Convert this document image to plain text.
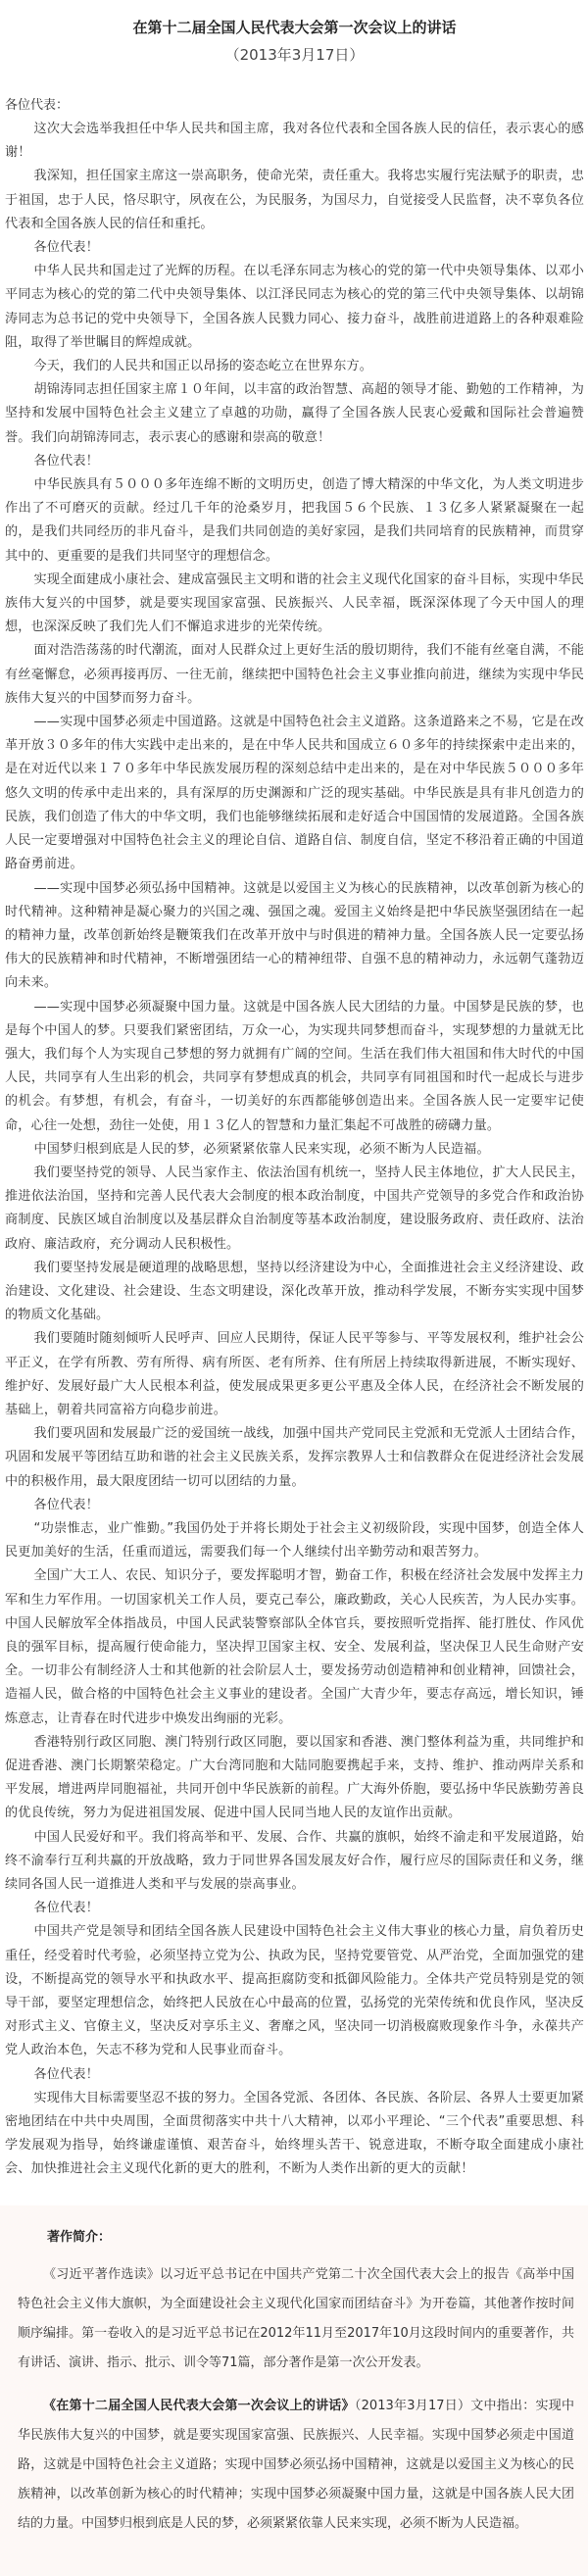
在第十二届全国人民代表大会第一次会议上的讲话

（2013年3月17日）

各位代表：

这次大会选举我担任中华人民共和国主席，我对各位代表和全国各族人民的信任，表示衷心的感谢！

我深知，担任国家主席这一崇高职务，使命光荣，责任重大。我将忠实履行宪法赋予的职责，忠于祖国，忠于人民，恪尽职守，夙夜在公，为民服务，为国尽力，自觉接受人民监督，决不辜负各位代表和全国各族人民的信任和重托。

各位代表！

中华人民共和国走过了光辉的历程。在以毛泽东同志为核心的党的第一代中央领导集体、以邓小平同志为核心的党的第二代中央领导集体、以江泽民同志为核心的党的第三代中央领导集体、以胡锦涛同志为总书记的党中央领导下，全国各族人民戮力同心、接力奋斗，战胜前进道路上的各种艰难险阻，取得了举世瞩目的辉煌成就。

今天，我们的人民共和国正以昂扬的姿态屹立在世界东方。

胡锦涛同志担任国家主席１０年间，以丰富的政治智慧、高超的领导才能、勤勉的工作精神，为坚持和发展中国特色社会主义建立了卓越的功勋，赢得了全国各族人民衷心爱戴和国际社会普遍赞誉。我们向胡锦涛同志，表示衷心的感谢和崇高的敬意！

各位代表！

中华民族具有５０００多年连绵不断的文明历史，创造了博大精深的中华文化，为人类文明进步作出了不可磨灭的贡献。经过几千年的沧桑岁月，把我国５６个民族、１３亿多人紧紧凝聚在一起的，是我们共同经历的非凡奋斗，是我们共同创造的美好家园，是我们共同培育的民族精神，而贯穿其中的、更重要的是我们共同坚守的理想信念。

实现全面建成小康社会、建成富强民主文明和谐的社会主义现代化国家的奋斗目标，实现中华民族伟大复兴的中国梦，就是要实现国家富强、民族振兴、人民幸福，既深深体现了今天中国人的理想，也深深反映了我们先人们不懈追求进步的光荣传统。

面对浩浩荡荡的时代潮流，面对人民群众过上更好生活的殷切期待，我们不能有丝毫自满，不能有丝毫懈怠，必须再接再厉、一往无前，继续把中国特色社会主义事业推向前进，继续为实现中华民族伟大复兴的中国梦而努力奋斗。

——实现中国梦必须走中国道路。这就是中国特色社会主义道路。这条道路来之不易，它是在改革开放３０多年的伟大实践中走出来的，是在中华人民共和国成立６０多年的持续探索中走出来的，是在对近代以来１７０多年中华民族发展历程的深刻总结中走出来的，是在对中华民族５０００多年悠久文明的传承中走出来的，具有深厚的历史渊源和广泛的现实基础。中华民族是具有非凡创造力的民族，我们创造了伟大的中华文明，我们也能够继续拓展和走好适合中国国情的发展道路。全国各族人民一定要增强对中国特色社会主义的理论自信、道路自信、制度自信，坚定不移沿着正确的中国道路奋勇前进。

——实现中国梦必须弘扬中国精神。这就是以爱国主义为核心的民族精神，以改革创新为核心的时代精神。这种精神是凝心聚力的兴国之魂、强国之魂。爱国主义始终是把中华民族坚强团结在一起的精神力量，改革创新始终是鞭策我们在改革开放中与时俱进的精神力量。全国各族人民一定要弘扬伟大的民族精神和时代精神，不断增强团结一心的精神纽带、自强不息的精神动力，永远朝气蓬勃迈向未来。

——实现中国梦必须凝聚中国力量。这就是中国各族人民大团结的力量。中国梦是民族的梦，也是每个中国人的梦。只要我们紧密团结，万众一心，为实现共同梦想而奋斗，实现梦想的力量就无比强大，我们每个人为实现自己梦想的努力就拥有广阔的空间。生活在我们伟大祖国和伟大时代的中国人民，共同享有人生出彩的机会，共同享有梦想成真的机会，共同享有同祖国和时代一起成长与进步的机会。有梦想，有机会，有奋斗，一切美好的东西都能够创造出来。全国各族人民一定要牢记使命，心往一处想，劲往一处使，用１３亿人的智慧和力量汇集起不可战胜的磅礴力量。

中国梦归根到底是人民的梦，必须紧紧依靠人民来实现，必须不断为人民造福。

我们要坚持党的领导、人民当家作主、依法治国有机统一，坚持人民主体地位，扩大人民民主，推进依法治国，坚持和完善人民代表大会制度的根本政治制度，中国共产党领导的多党合作和政治协商制度、民族区域自治制度以及基层群众自治制度等基本政治制度，建设服务政府、责任政府、法治政府、廉洁政府，充分调动人民积极性。

我们要坚持发展是硬道理的战略思想，坚持以经济建设为中心，全面推进社会主义经济建设、政治建设、文化建设、社会建设、生态文明建设，深化改革开放，推动科学发展，不断夯实实现中国梦的物质文化基础。

我们要随时随刻倾听人民呼声、回应人民期待，保证人民平等参与、平等发展权利，维护社会公平正义，在学有所教、劳有所得、病有所医、老有所养、住有所居上持续取得新进展，不断实现好、维护好、发展好最广大人民根本利益，使发展成果更多更公平惠及全体人民，在经济社会不断发展的基础上，朝着共同富裕方向稳步前进。

我们要巩固和发展最广泛的爱国统一战线，加强中国共产党同民主党派和无党派人士团结合作，巩固和发展平等团结互助和谐的社会主义民族关系，发挥宗教界人士和信教群众在促进经济社会发展中的积极作用，最大限度团结一切可以团结的力量。

各位代表！

“功崇惟志，业广惟勤。”我国仍处于并将长期处于社会主义初级阶段，实现中国梦，创造全体人民更加美好的生活，任重而道远，需要我们每一个人继续付出辛勤劳动和艰苦努力。

全国广大工人、农民、知识分子，要发挥聪明才智，勤奋工作，积极在经济社会发展中发挥主力军和生力军作用。一切国家机关工作人员，要克己奉公，廉政勤政，关心人民疾苦，为人民办实事。中国人民解放军全体指战员，中国人民武装警察部队全体官兵，要按照听党指挥、能打胜仗、作风优良的强军目标，提高履行使命能力，坚决捍卫国家主权、安全、发展利益，坚决保卫人民生命财产安全。一切非公有制经济人士和其他新的社会阶层人士，要发扬劳动创造精神和创业精神，回馈社会，造福人民，做合格的中国特色社会主义事业的建设者。全国广大青少年，要志存高远，增长知识，锤炼意志，让青春在时代进步中焕发出绚丽的光彩。

香港特别行政区同胞、澳门特别行政区同胞，要以国家和香港、澳门整体利益为重，共同维护和促进香港、澳门长期繁荣稳定。广大台湾同胞和大陆同胞要携起手来，支持、维护、推动两岸关系和平发展，增进两岸同胞福祉，共同开创中华民族新的前程。广大海外侨胞，要弘扬中华民族勤劳善良的优良传统，努力为促进祖国发展、促进中国人民同当地人民的友谊作出贡献。

中国人民爱好和平。我们将高举和平、发展、合作、共赢的旗帜，始终不渝走和平发展道路，始终不渝奉行互利共赢的开放战略，致力于同世界各国发展友好合作，履行应尽的国际责任和义务，继续同各国人民一道推进人类和平与发展的崇高事业。

各位代表！

中国共产党是领导和团结全国各族人民建设中国特色社会主义伟大事业的核心力量，肩负着历史重任，经受着时代考验，必须坚持立党为公、执政为民，坚持党要管党、从严治党，全面加强党的建设，不断提高党的领导水平和执政水平、提高拒腐防变和抵御风险能力。全体共产党员特别是党的领导干部，要坚定理想信念，始终把人民放在心中最高的位置，弘扬党的光荣传统和优良作风，坚决反对形式主义、官僚主义，坚决反对享乐主义、奢靡之风，坚决同一切消极腐败现象作斗争，永葆共产党人政治本色，矢志不移为党和人民事业而奋斗。

各位代表！

实现伟大目标需要坚忍不拔的努力。全国各党派、各团体、各民族、各阶层、各界人士要更加紧密地团结在中共中央周围，全面贯彻落实中共十八大精神，以邓小平理论、“三个代表”重要思想、科学发展观为指导，始终谦虚谨慎、艰苦奋斗，始终埋头苦干、锐意进取，不断夺取全面建成小康社会、加快推进社会主义现代化新的更大的胜利，不断为人类作出新的更大的贡献！

著作简介：

《习近平著作选读》以习近平总书记在中国共产党第二十次全国代表大会上的报告《高举中国特色社会主义伟大旗帜，为全面建设社会主义现代化国家而团结奋斗》为开卷篇，其他著作按时间顺序编排。第一卷收入的是习近平总书记在2012年11月至2017年10月这段时间内的重要著作，共有讲话、演讲、指示、批示、训令等71篇，部分著作是第一次公开发表。

《在第十二届全国人民代表大会第一次会议上的讲话》（2013年3月17日）文中指出：实现中华民族伟大复兴的中国梦，就是要实现国家富强、民族振兴、人民幸福。实现中国梦必须走中国道路，这就是中国特色社会主义道路；实现中国梦必须弘扬中国精神，这就是以爱国主义为核心的民族精神，以改革创新为核心的时代精神；实现中国梦必须凝聚中国力量，这就是中国各族人民大团结的力量。中国梦归根到底是人民的梦，必须紧紧依靠人民来实现，必须不断为人民造福。
